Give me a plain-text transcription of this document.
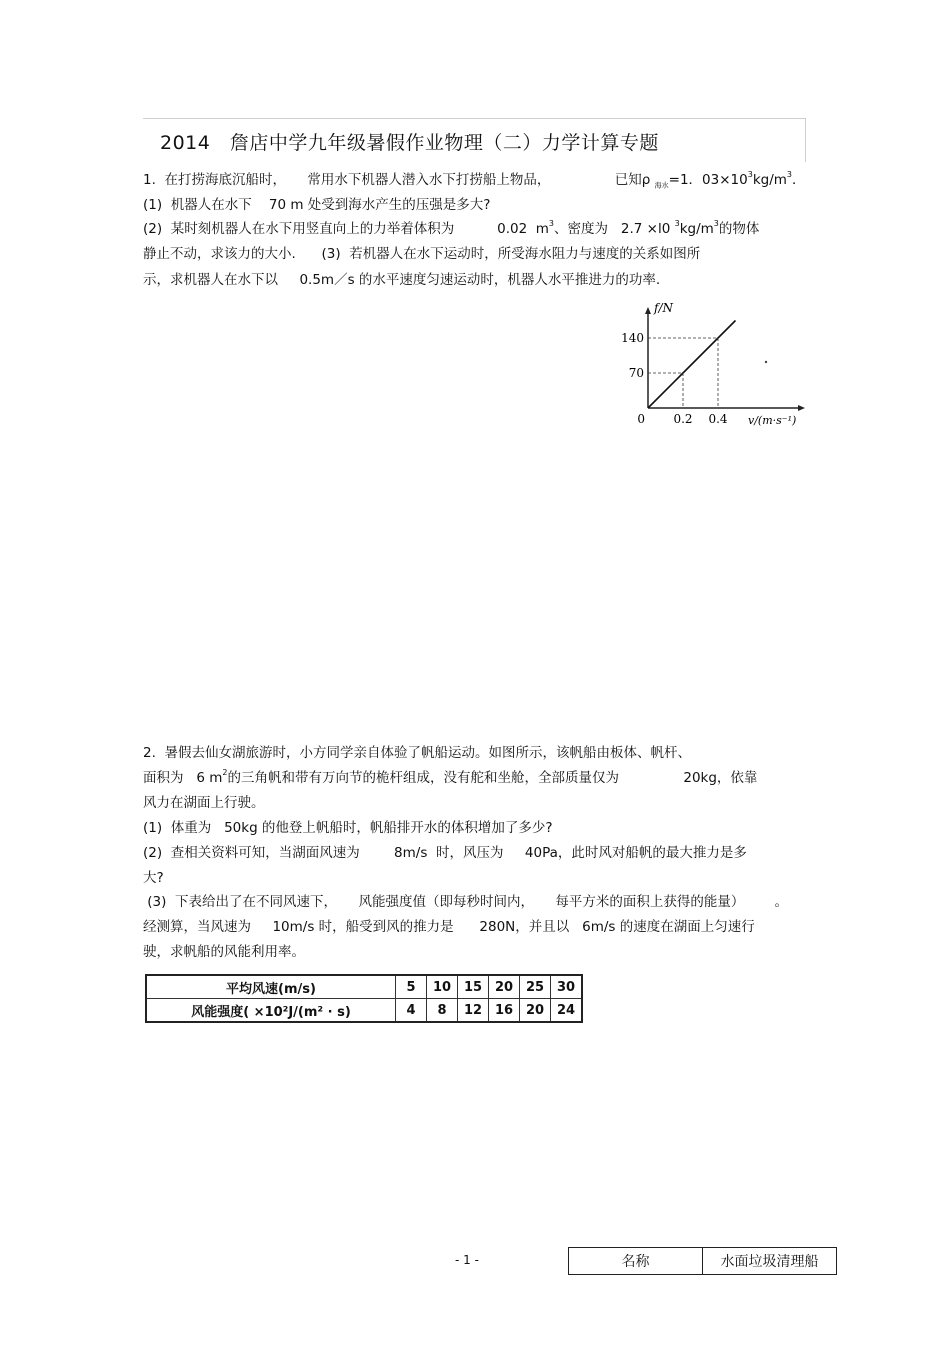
2014　詹店中学九年级暑假作业物理（二）力学计算专题
1.  在打捞海底沉船时，     常用水下机器人潜入水下打捞船上物品，               已知ρ $_{海水}$=1．$03\times 10^3kg/m^3$．
(1)  机器人在水下    70 m 处受到海水产生的压强是多大?
(2)  某时刻机器人在水下用竖直向上的力举着体积为          0.02  $m^3$、密度为   2.7 ×l0 $^3kg/m^3$的物体
静止不动，求该力的大小.      (3)  若机器人在水下运动时，所受海水阻力与速度的关系如图所
示，求机器人在水下以     0.5m／s 的水平速度匀速运动时，机器人水平推进力的功率.
f/N
v/(m·s⁻¹)
140
70
0 0.2 0.4
2.  暑假去仙女湖旅游时，小方同学亲自体验了帆船运动。如图所示，该帆船由板体、帆杆、
面积为   6 $m^2$的三角帆和带有万向节的桅杆组成，没有舵和坐舱，全部质量仅为               20kg，依靠
风力在湖面上行驶。
(1)  体重为   50kg 的他登上帆船时，帆船排开水的体积增加了多少?
(2)  查相关资料可知，当湖面风速为        8m/s  时，风压为     40Pa，此时风对船帆的最大推力是多
大?
(3)  下表给出了在不同风速下，     风能强度值（即每秒时间内，     每平方米的面积上获得的能量）       。
经测算，当风速为     10m/s 时，船受到风的推力是      280N，并且以   6m/s 的速度在湖面上匀速行
驶，求帆船的风能利用率。
平均风速(m/s)	5	10	15	20	25	30
风能强度( ×10²J/(m² · s)	4	8	12	16	20	24
- 1 -	名称	水面垃圾清理船
